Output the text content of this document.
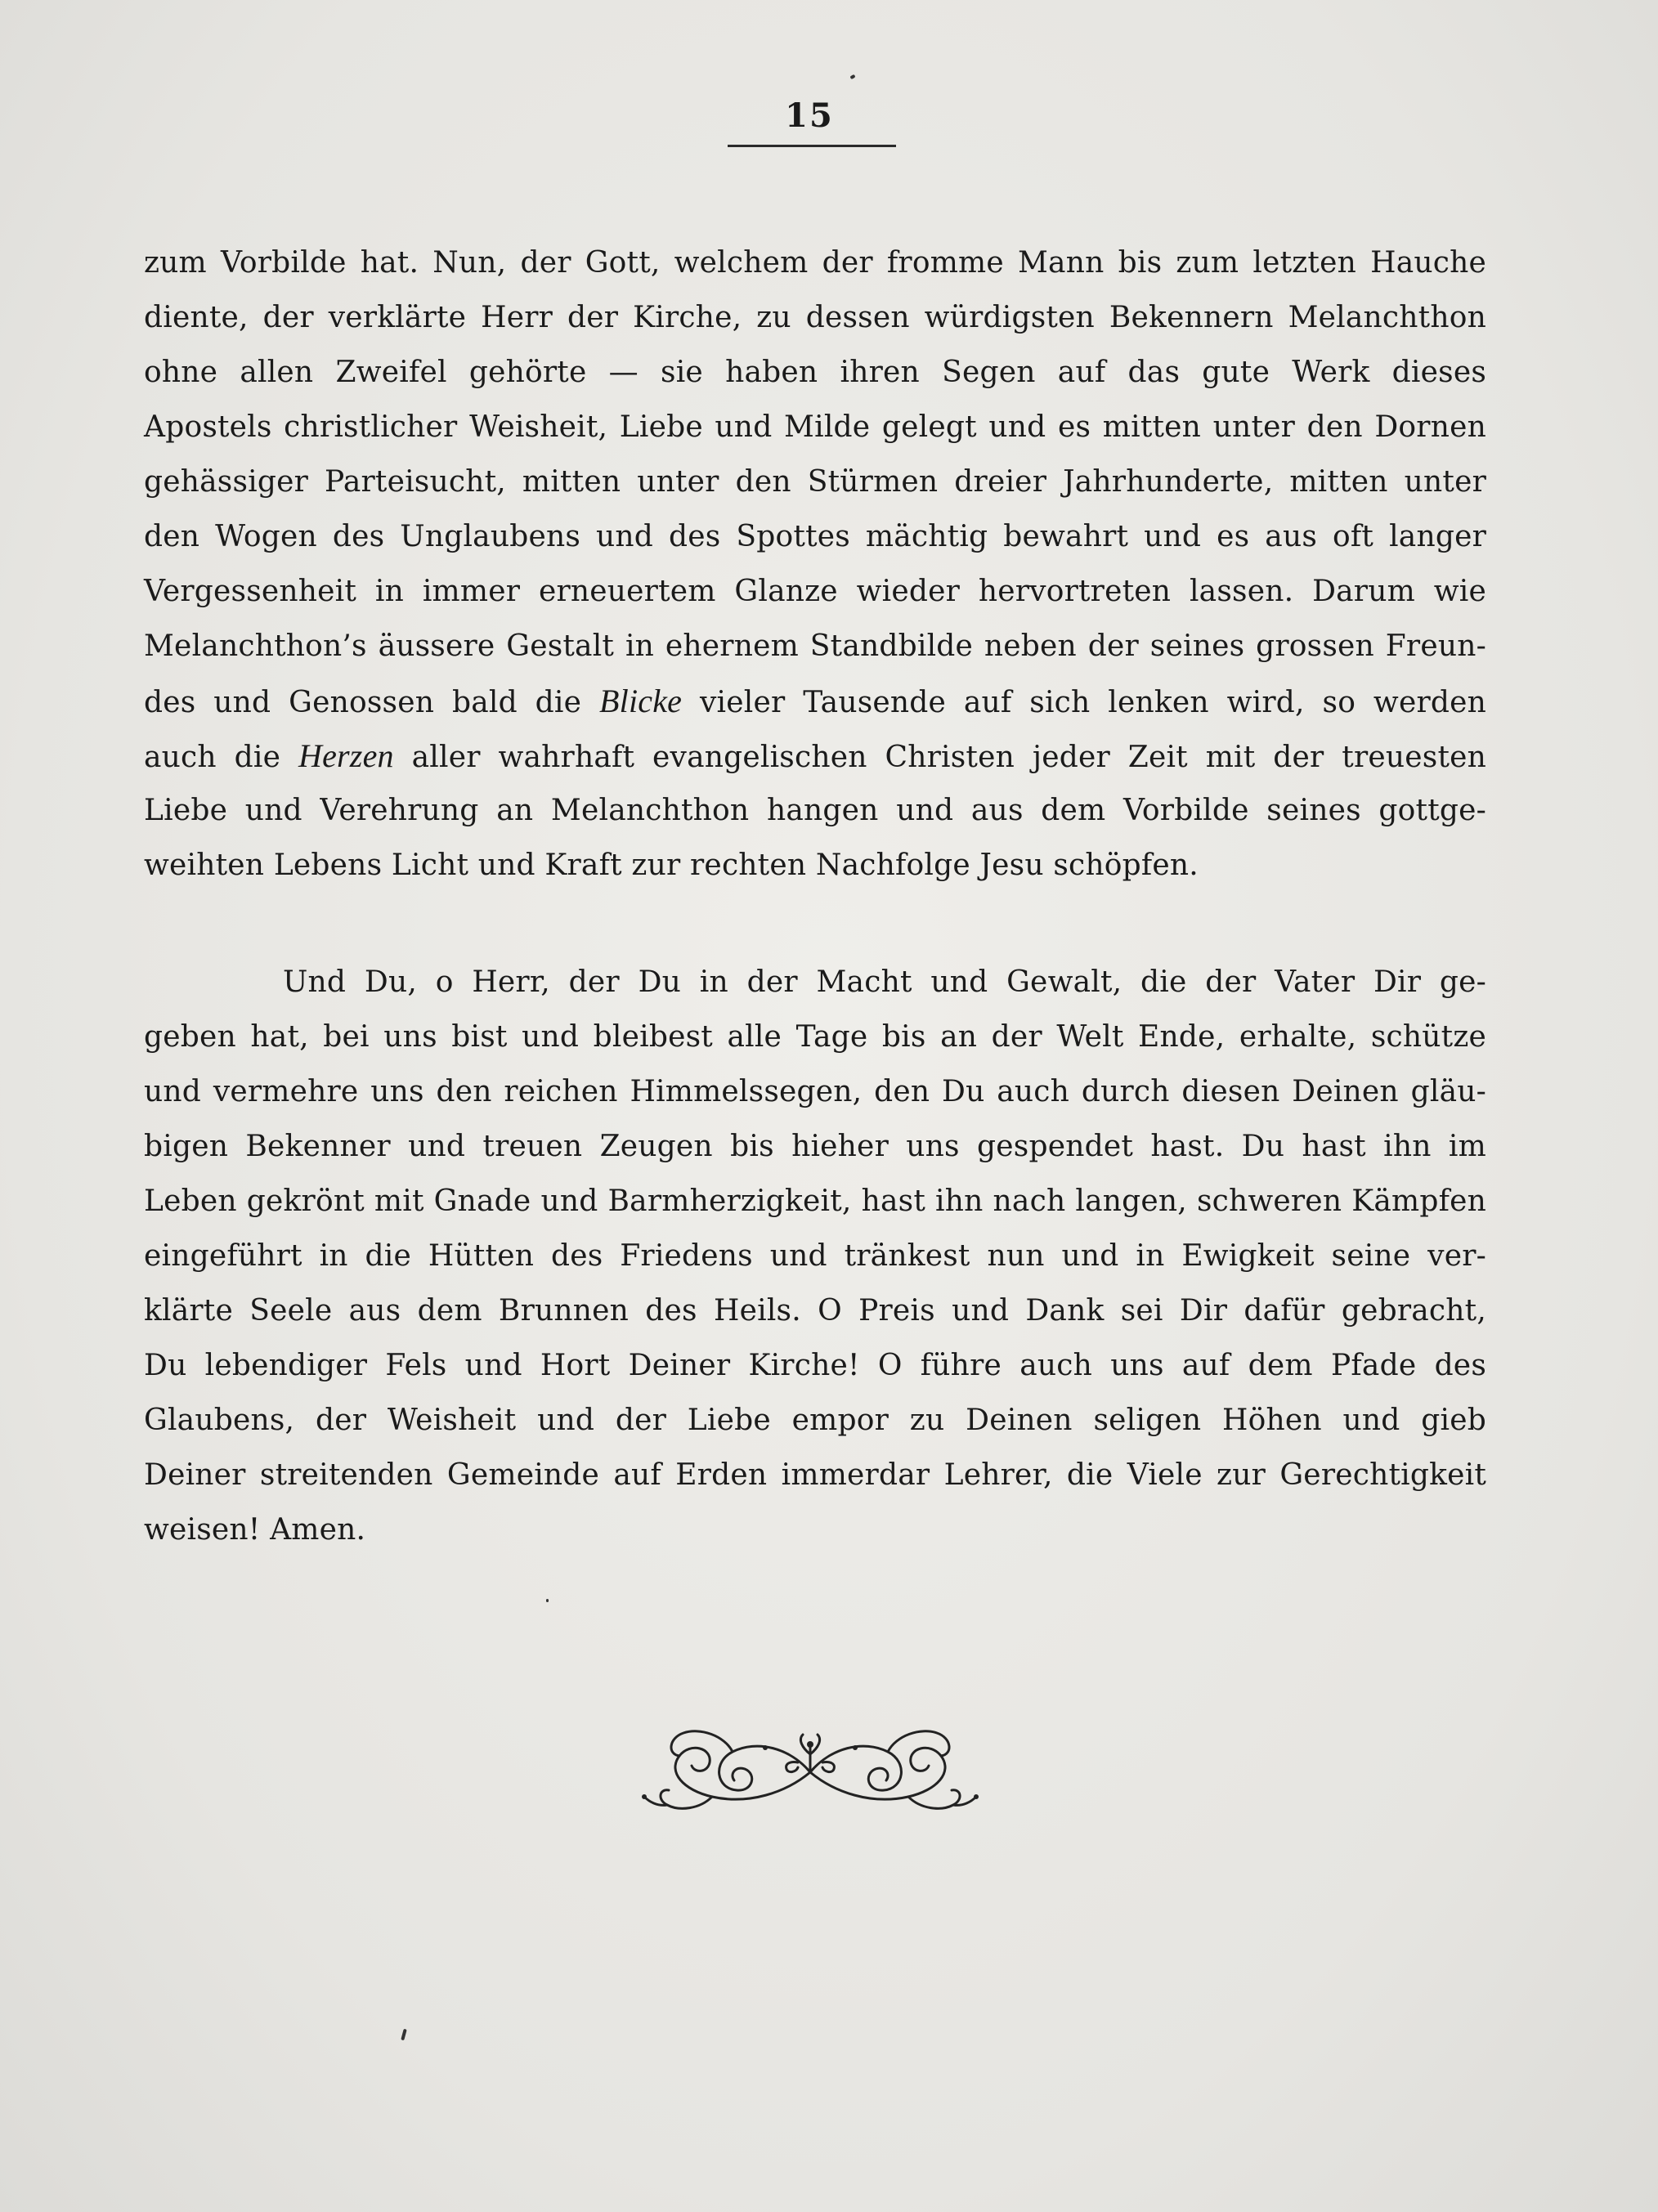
15
zum Vorbilde hat. Nun, der Gott, welchem der fromme Mann bis zum letzten Hauche
diente, der verklärte Herr der Kirche, zu dessen würdigsten Bekennern Melanchthon
ohne allen Zweifel gehörte — sie haben ihren Segen auf das gute Werk dieses
Apostels christlicher Weisheit, Liebe und Milde gelegt und es mitten unter den Dornen
gehässiger Parteisucht, mitten unter den Stürmen dreier Jahrhunderte, mitten unter
den Wogen des Unglaubens und des Spottes mächtig bewahrt und es aus oft langer
Vergessenheit in immer erneuertem Glanze wieder hervortreten lassen. Darum wie
Melanchthon’s äussere Gestalt in ehernem Standbilde neben der seines grossen Freun-
des und Genossen bald die Blicke vieler Tausende auf sich lenken wird, so werden
auch die Herzen aller wahrhaft evangelischen Christen jeder Zeit mit der treuesten
Liebe und Verehrung an Melanchthon hangen und aus dem Vorbilde seines gottge-
weihten Lebens Licht und Kraft zur rechten Nachfolge Jesu schöpfen.
Und Du, o Herr, der Du in der Macht und Gewalt, die der Vater Dir ge-
geben hat, bei uns bist und bleibest alle Tage bis an der Welt Ende, erhalte, schütze
und vermehre uns den reichen Himmelssegen, den Du auch durch diesen Deinen gläu-
bigen Bekenner und treuen Zeugen bis hieher uns gespendet hast. Du hast ihn im
Leben gekrönt mit Gnade und Barmherzigkeit, hast ihn nach langen, schweren Kämpfen
eingeführt in die Hütten des Friedens und tränkest nun und in Ewigkeit seine ver-
klärte Seele aus dem Brunnen des Heils. O Preis und Dank sei Dir dafür gebracht,
Du lebendiger Fels und Hort Deiner Kirche! O führe auch uns auf dem Pfade des
Glaubens, der Weisheit und der Liebe empor zu Deinen seligen Höhen und gieb
Deiner streitenden Gemeinde auf Erden immerdar Lehrer, die Viele zur Gerechtigkeit
weisen! Amen.
